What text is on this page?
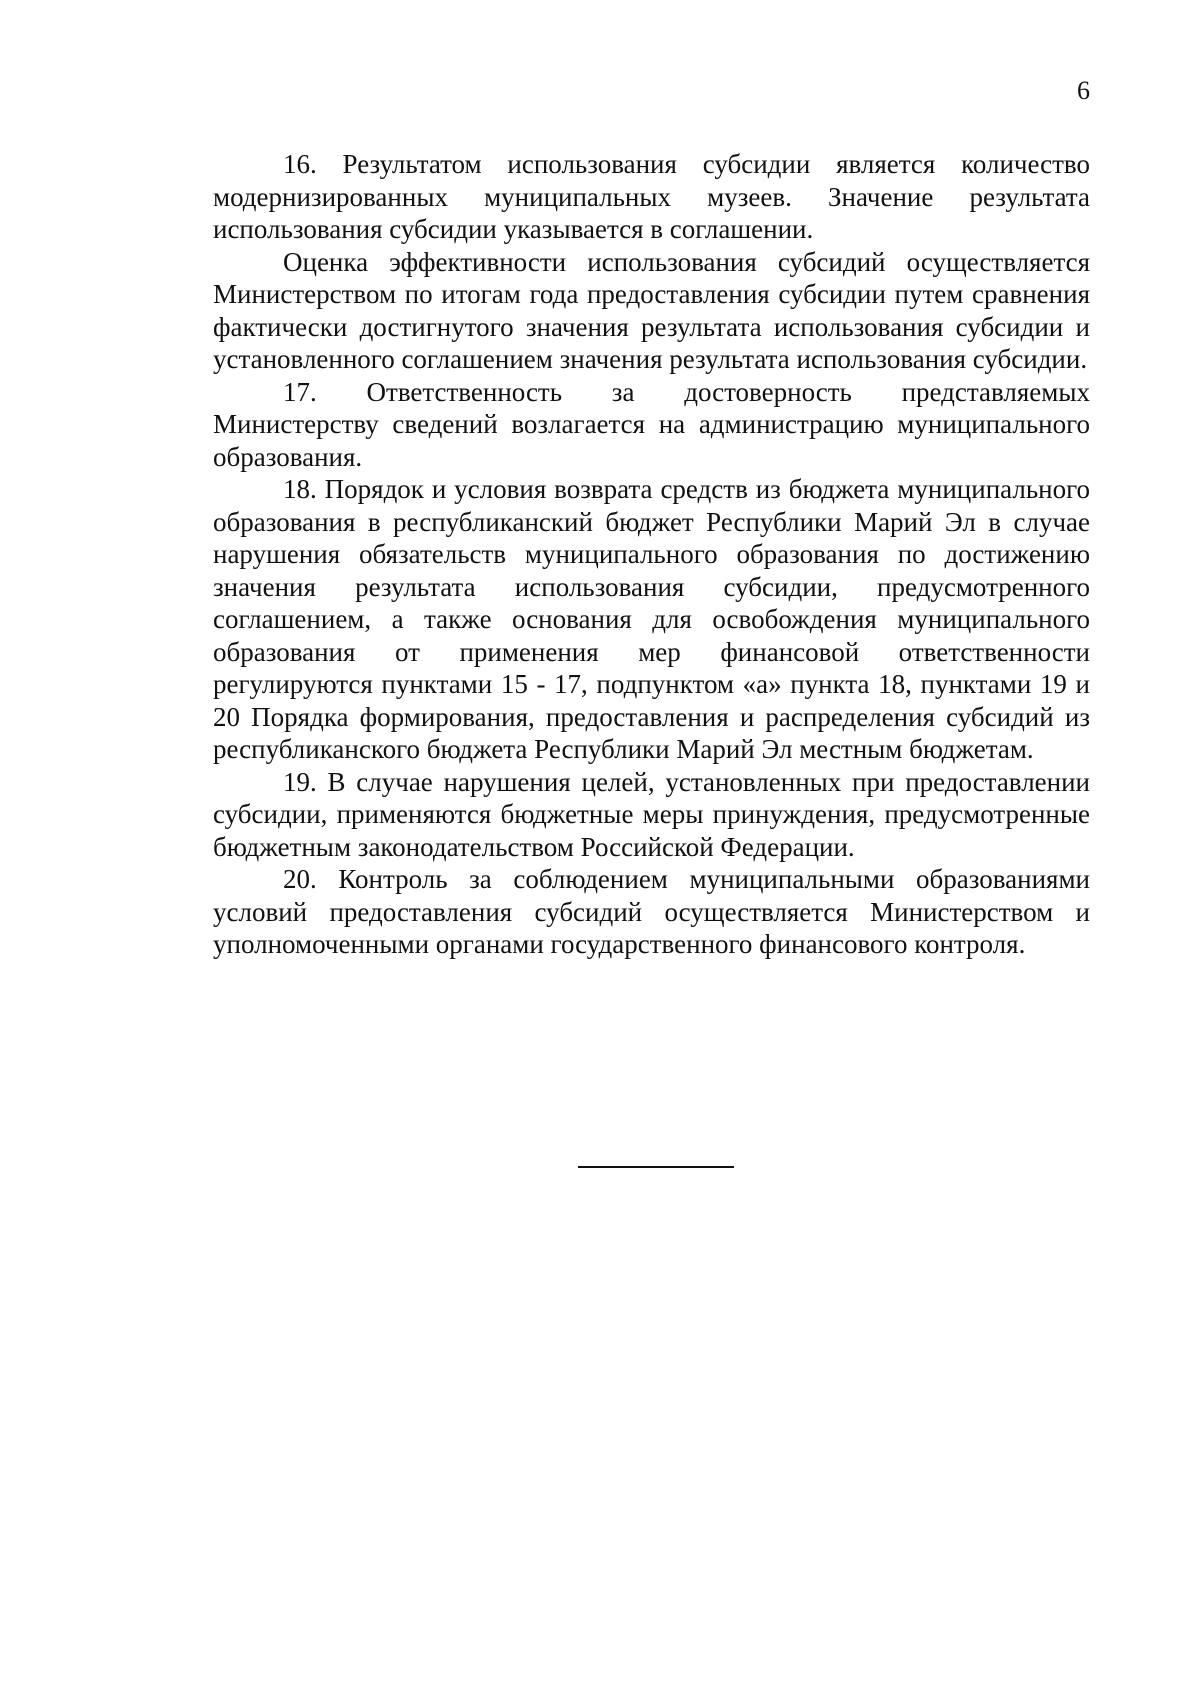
6

16. Результатом использования субсидии является количество модернизированных муниципальных музеев. Значение результата использования субсидии указывается в соглашении.

Оценка эффективности использования субсидий осуществляется Министерством по итогам года предоставления субсидии путем сравнения фактически достигнутого значения результата использования субсидии и установленного соглашением значения результата использования субсидии.

17. Ответственность за достоверность представляемых Министерству сведений возлагается на администрацию муниципального образования.

18. Порядок и условия возврата средств из бюджета муниципального образования в республиканский бюджет Республики Марий Эл в случае нарушения обязательств муниципального образования по достижению значения результата использования субсидии, предусмотренного соглашением, а также основания для освобождения муниципального образования от применения мер финансовой ответственности регулируются пунктами 15 - 17, подпунктом «а» пункта 18, пунктами 19 и 20 Порядка формирования, предоставления и распределения субсидий из республиканского бюджета Республики Марий Эл местным бюджетам.

19. В случае нарушения целей, установленных при предоставлении субсидии, применяются бюджетные меры принуждения, предусмотренные бюджетным законодательством Российской Федерации.

20. Контроль за соблюдением муниципальными образованиями условий предоставления субсидий осуществляется Министерством и уполномоченными органами государственного финансового контроля.
